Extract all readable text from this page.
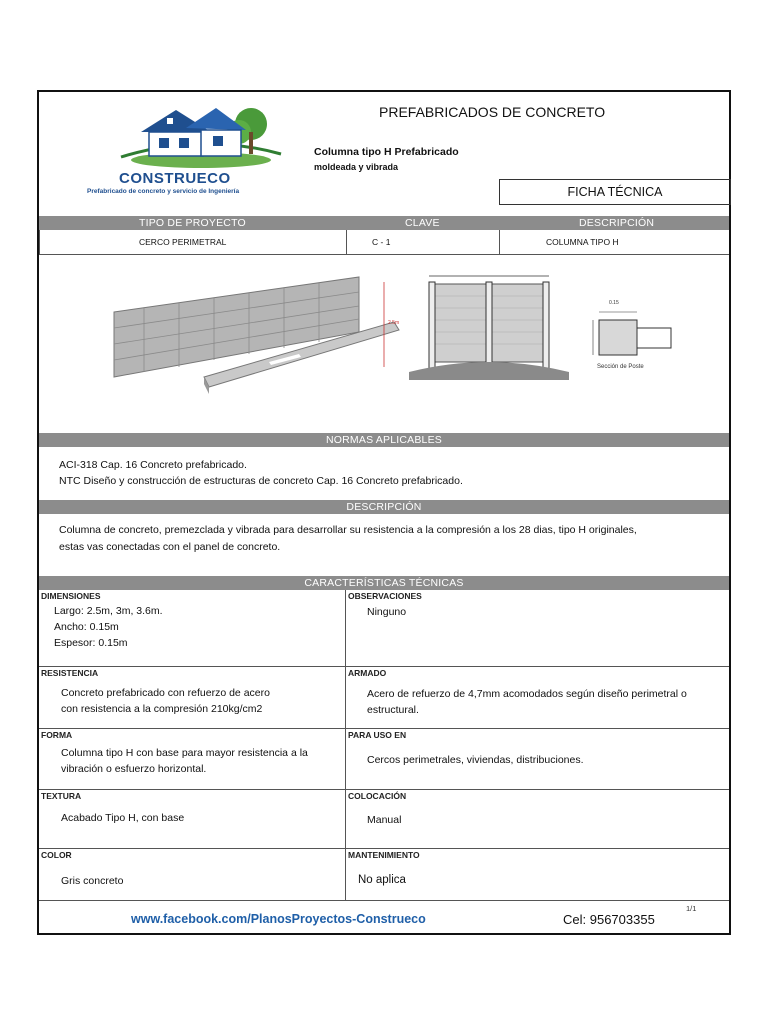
CONSTRUECO
Prefabricado de concreto y servicio de Ingeniería
PREFABRICADOS DE CONCRETO
Columna tipo H Prefabricado
moldeada y vibrada
FICHA TÉCNICA
TIPO DE PROYECTO	CLAVE	DESCRIPCIÓN
CERCO PERIMETRAL	C - 1	COLUMNA TIPO H
Sección de Poste
0.15
2.5m
NORMAS APLICABLES
ACI-318 Cap. 16 Concreto prefabricado.
NTC Diseño y construcción de estructuras de concreto Cap. 16 Concreto prefabricado.
DESCRIPCIÓN
Columna de concreto, premezclada y vibrada para desarrollar su resistencia a la compresión a los 28 dias, tipo H originales,
estas vas conectadas con el panel de concreto.
CARACTERÍSTICAS TÉCNICAS
DIMENSIONES
Largo: 2.5m, 3m, 3.6m.
Ancho: 0.15m
Espesor: 0.15m
OBSERVACIONES
Ninguno
RESISTENCIA
Concreto prefabricado con refuerzo de acero
con resistencia a la compresión 210kg/cm2
ARMADO
Acero de refuerzo de 4,7mm acomodados según diseño perimetral o
estructural.
FORMA
Columna tipo H con base para mayor resistencia a la
vibración o esfuerzo horizontal.
PARA USO EN
Cercos perimetrales, viviendas, distribuciones.
TEXTURA
Acabado Tipo H, con base
COLOCACIÓN
Manual
COLOR
Gris concreto
MANTENIMIENTO
No aplica
www.facebook.com/PlanosProyectos-Construeco	Cel: 956703355
1/1
